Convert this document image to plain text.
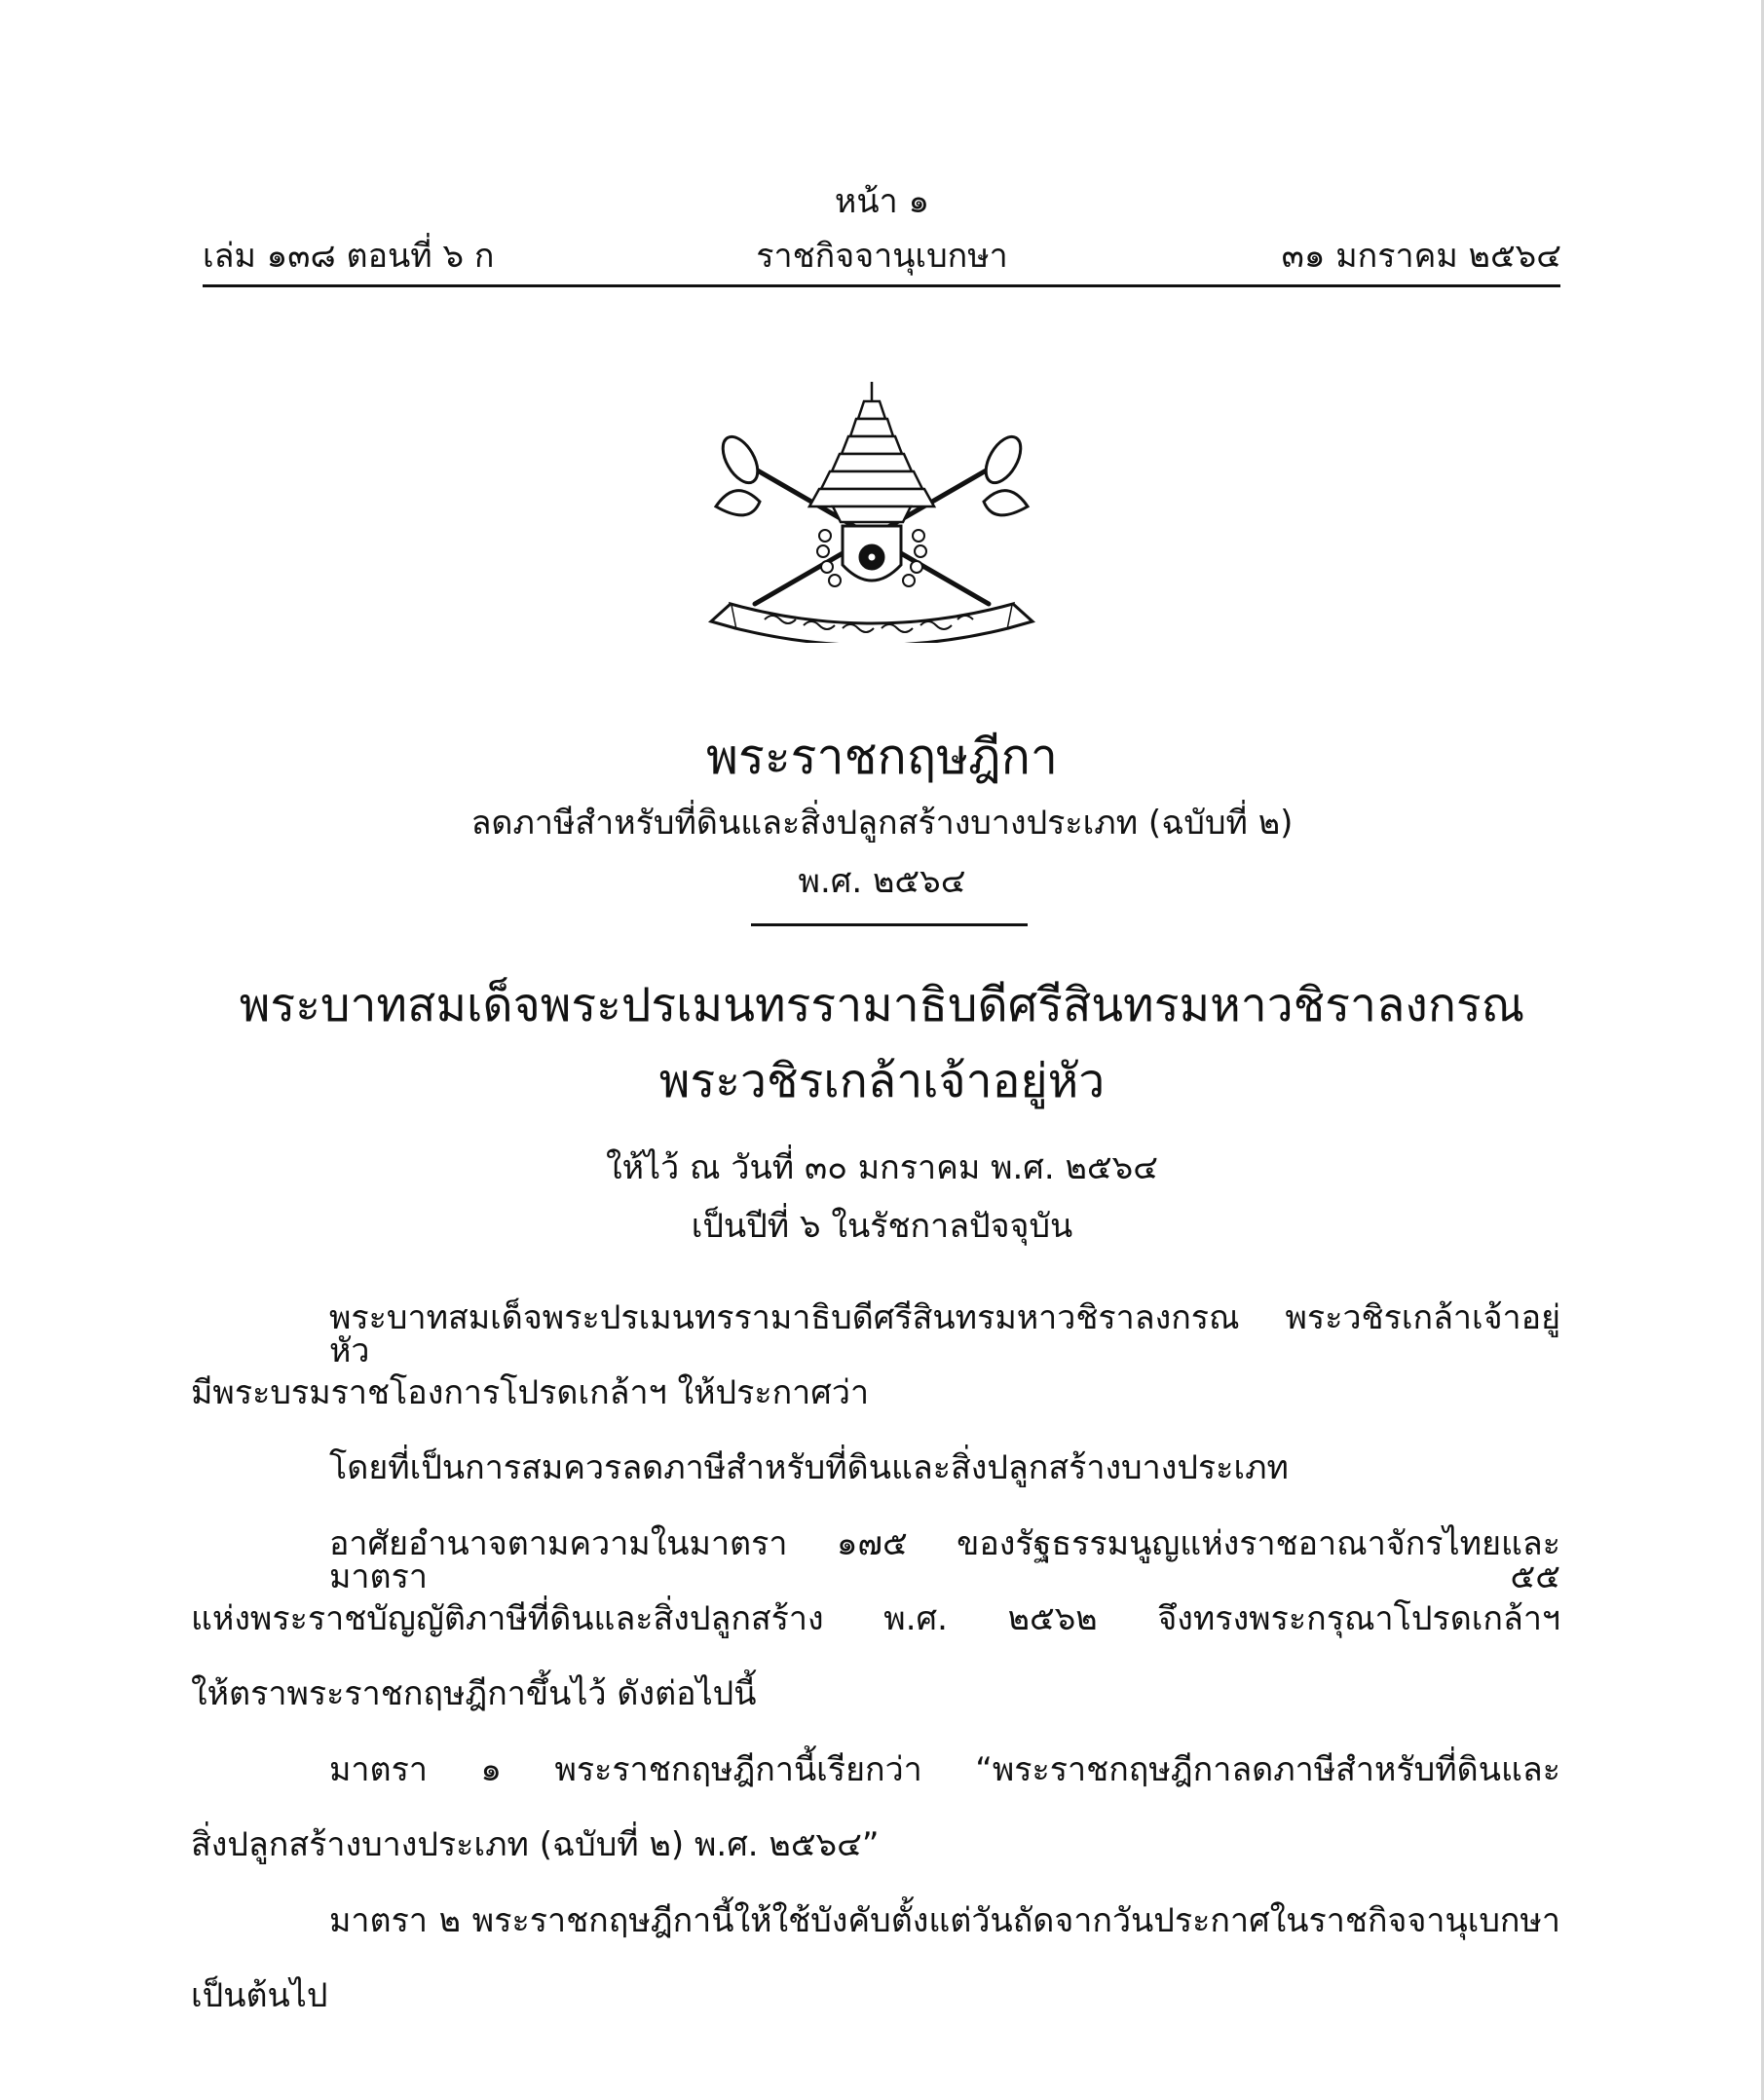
หน้า ๑
เล่ม ๑๓๘ ตอนที่ ๖ ก	ราชกิจจานุเบกษา	๓๑ มกราคม ๒๕๖๔
พระราชกฤษฎีกา
ลดภาษีสำหรับที่ดินและสิ่งปลูกสร้างบางประเภท (ฉบับที่ ๒)
พ.ศ. ๒๕๖๔
พระบาทสมเด็จพระปรเมนทรรามาธิบดีศรีสินทรมหาวชิราลงกรณ
พระวชิรเกล้าเจ้าอยู่หัว
ให้ไว้ ณ วันที่ ๓๐ มกราคม พ.ศ. ๒๕๖๔
เป็นปีที่ ๖ ในรัชกาลปัจจุบัน
พระบาทสมเด็จพระปรเมนทรรามาธิบดีศรีสินทรมหาวชิราลงกรณ พระวชิรเกล้าเจ้าอยู่หัว
มีพระบรมราชโองการโปรดเกล้าฯ ให้ประกาศว่า
โดยที่เป็นการสมควรลดภาษีสำหรับที่ดินและสิ่งปลูกสร้างบางประเภท
อาศัยอำนาจตามความในมาตรา ๑๗๕ ของรัฐธรรมนูญแห่งราชอาณาจักรไทยและมาตรา ๕๕
แห่งพระราชบัญญัติภาษีที่ดินและสิ่งปลูกสร้าง พ.ศ. ๒๕๖๒ จึงทรงพระกรุณาโปรดเกล้าฯ
ให้ตราพระราชกฤษฎีกาขึ้นไว้ ดังต่อไปนี้
มาตรา ๑ พระราชกฤษฎีกานี้เรียกว่า “พระราชกฤษฎีกาลดภาษีสำหรับที่ดินและ
สิ่งปลูกสร้างบางประเภท (ฉบับที่ ๒) พ.ศ. ๒๕๖๔”
มาตรา ๒ พระราชกฤษฎีกานี้ให้ใช้บังคับตั้งแต่วันถัดจากวันประกาศในราชกิจจานุเบกษา
เป็นต้นไป
